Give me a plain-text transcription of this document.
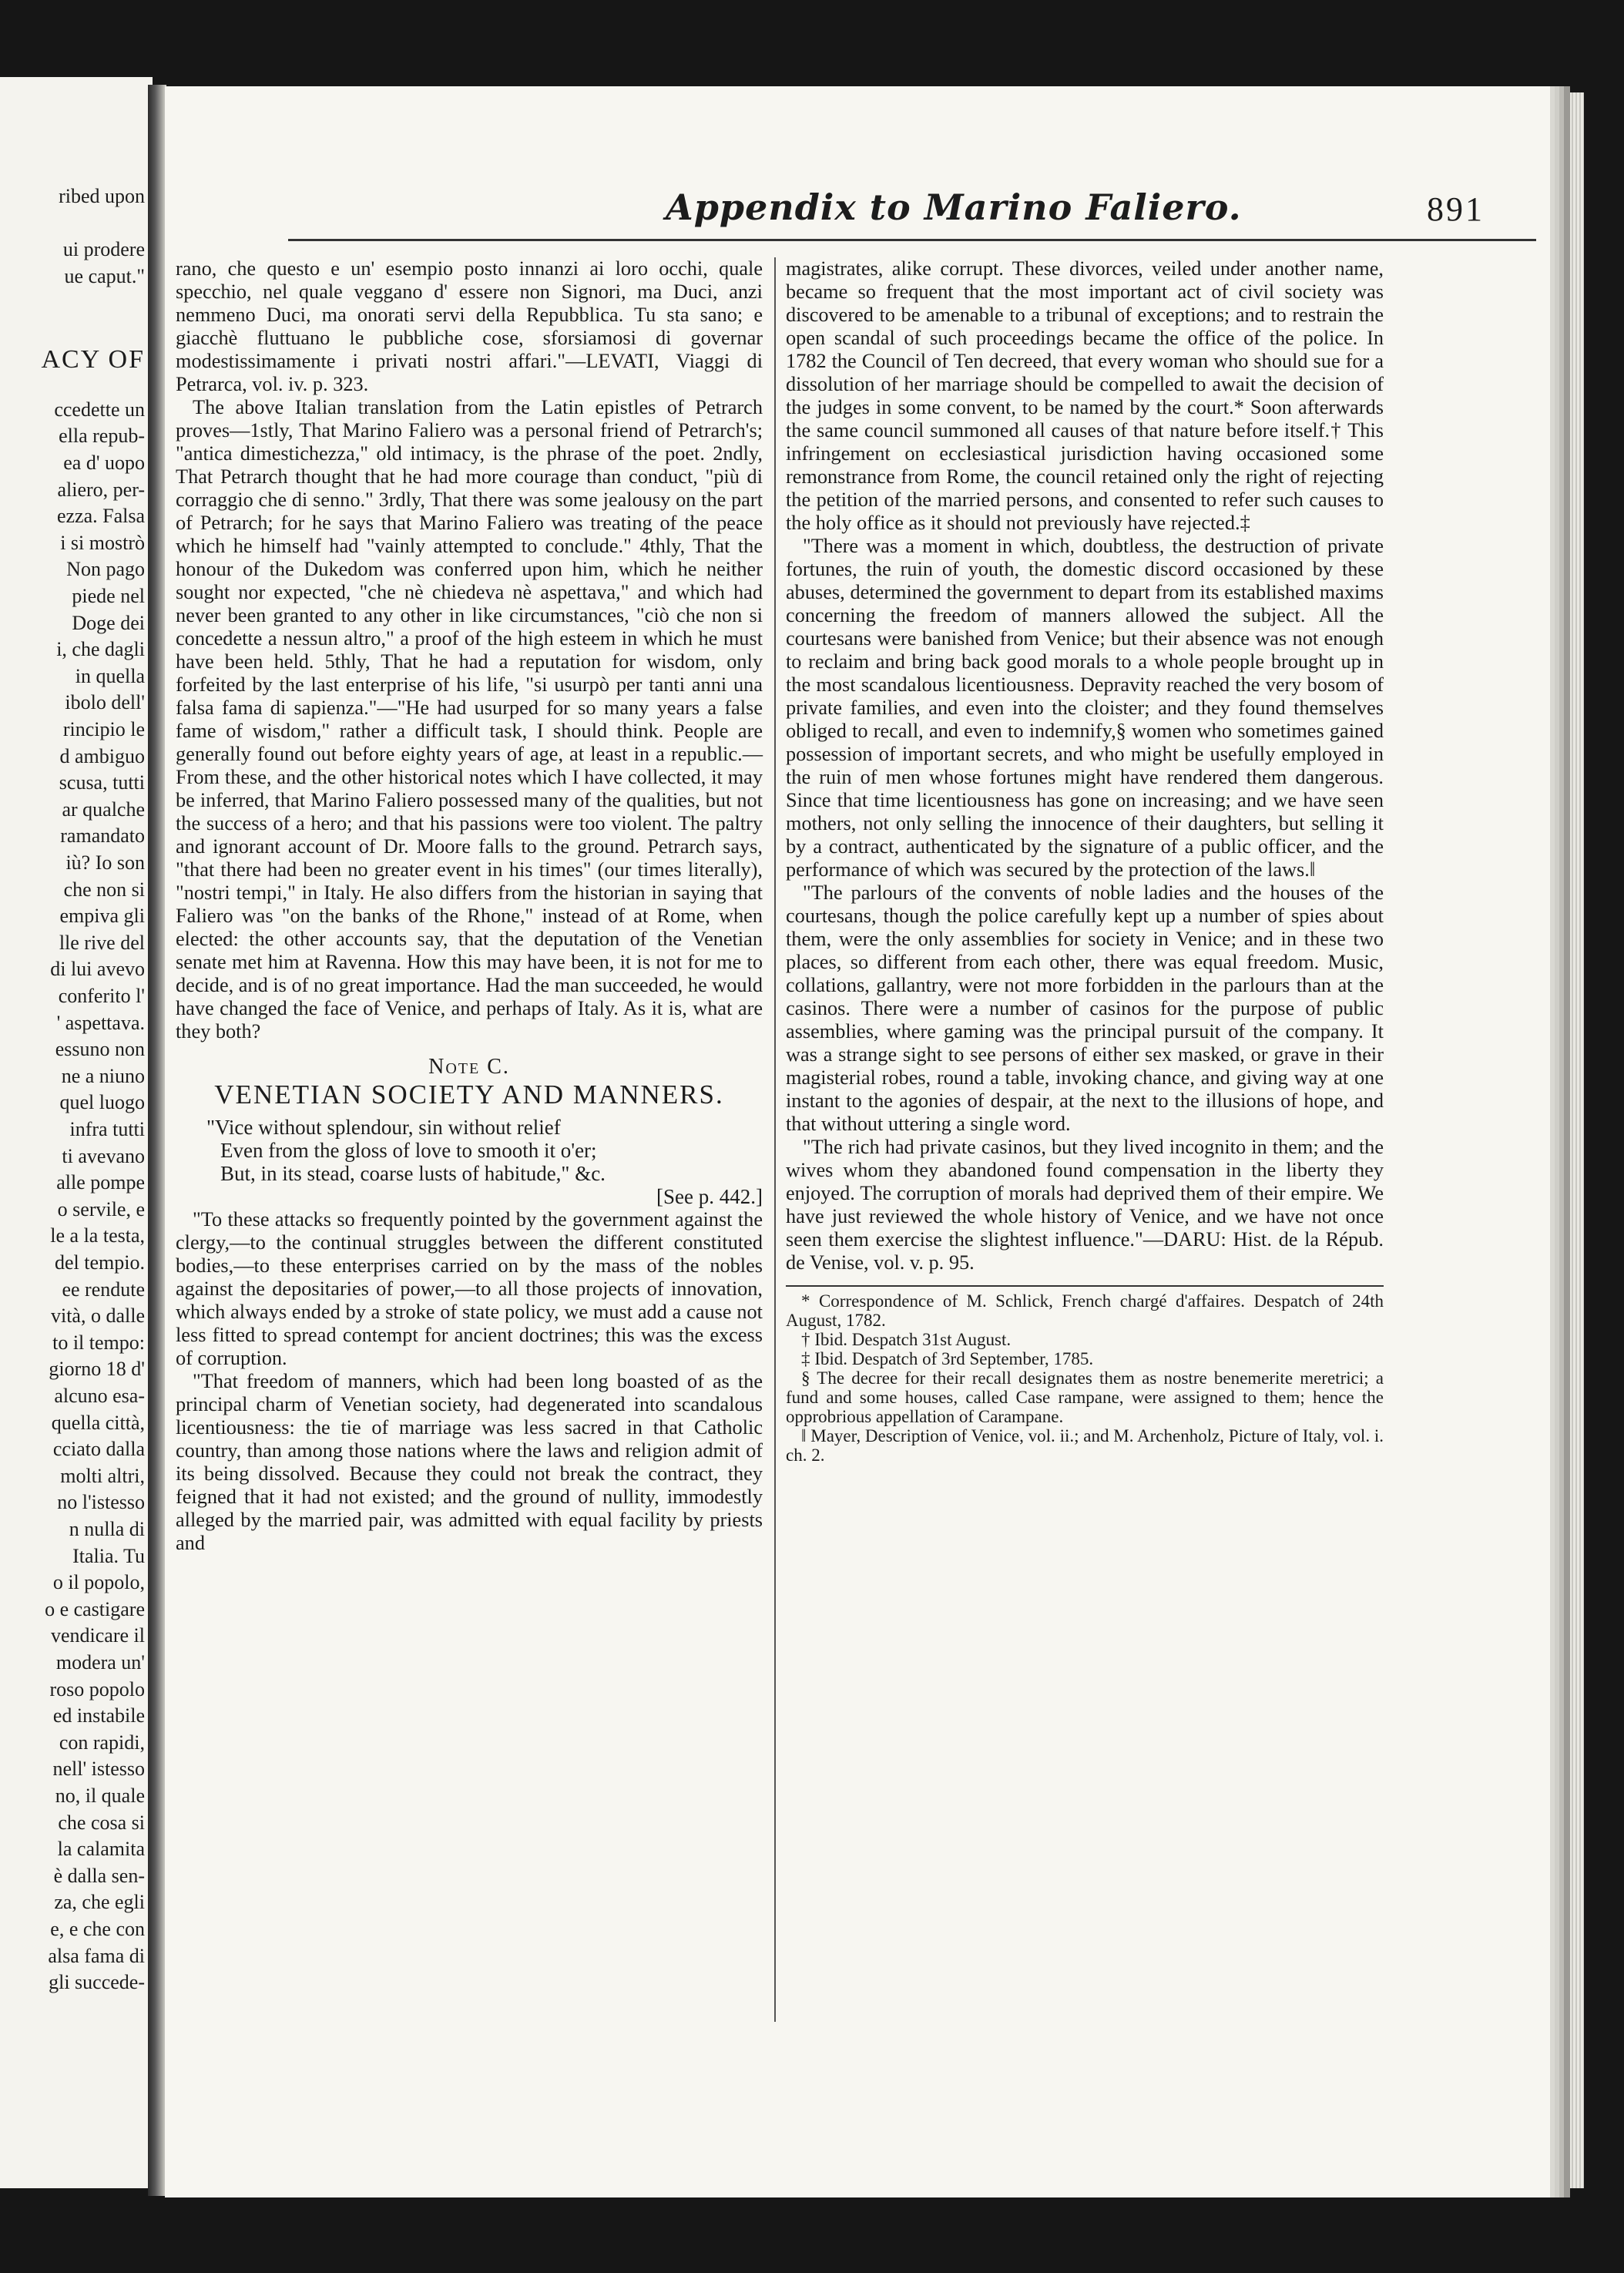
ribed upon
ui prodere
ue caput."
ACY OF
ccedette un
ella repub-
ea d' uopo
aliero, per-
ezza. Falsa
i si mostrò
Non pago
piede nel
Doge dei
i, che dagli
in quella
ibolo dell'
rincipio le
d ambiguo
scusa, tutti
ar qualche
ramandato
iù? Io son
che non si
empiva gli
lle rive del
di lui avevo
conferito l'
' aspettava.
essuno non
ne a niuno
quel luogo
infra tutti
ti avevano
alle pompe
o servile, e
le a la testa,
del tempio.
ee rendute
vità, o dalle
to il tempo:
giorno 18 d'
alcuno esa-
quella città,
cciato dalla
molti altri,
no l'istesso
n nulla di
Italia. Tu
o il popolo,
o e castigare
vendicare il
modera un'
roso popolo
ed instabile
con rapidi,
nell' istesso
no, il quale
che cosa si
la calamita
è dalla sen-
za, che egli
e, e che con
alsa fama di
gli succede-
Appendix to Marino Faliero.	891

rano, che questo e un' esempio posto innanzi ai loro occhi, quale specchio, nel quale veggano d' essere non Signori, ma Duci, anzi nemmeno Duci, ma onorati servi della Repubblica. Tu sta sano; e giacchè fluttuano le pubbliche cose, sforsiamosi di governar modestissimamente i privati nostri affari."—LEVATI, Viaggi di Petrarca, vol. iv. p. 323.

The above Italian translation from the Latin epistles of Petrarch proves—1stly, That Marino Faliero was a personal friend of Petrarch's; "antica dimestichezza," old intimacy, is the phrase of the poet. 2ndly, That Petrarch thought that he had more courage than conduct, "più di corraggio che di senno." 3rdly, That there was some jealousy on the part of Petrarch; for he says that Marino Faliero was treating of the peace which he himself had "vainly attempted to conclude." 4thly, That the honour of the Dukedom was conferred upon him, which he neither sought nor expected, "che nè chiedeva nè aspettava," and which had never been granted to any other in like circumstances, "ciò che non si concedette a nessun altro," a proof of the high esteem in which he must have been held. 5thly, That he had a reputation for wisdom, only forfeited by the last enterprise of his life, "si usurpò per tanti anni una falsa fama di sapienza."—"He had usurped for so many years a false fame of wisdom," rather a difficult task, I should think. People are generally found out before eighty years of age, at least in a republic.—From these, and the other historical notes which I have collected, it may be inferred, that Marino Faliero possessed many of the qualities, but not the success of a hero; and that his passions were too violent. The paltry and ignorant account of Dr. Moore falls to the ground. Petrarch says, "that there had been no greater event in his times" (our times literally), "nostri tempi," in Italy. He also differs from the historian in saying that Faliero was "on the banks of the Rhone," instead of at Rome, when elected: the other accounts say, that the deputation of the Venetian senate met him at Ravenna. How this may have been, it is not for me to decide, and is of no great importance. Had the man succeeded, he would have changed the face of Venice, and perhaps of Italy. As it is, what are they both?

Note C.
VENETIAN SOCIETY AND MANNERS.
"Vice without splendour, sin without relief
Even from the gloss of love to smooth it o'er;
But, in its stead, coarse lusts of habitude," &c.
[See p. 442.]

"To these attacks so frequently pointed by the government against the clergy,—to the continual struggles between the different constituted bodies,—to these enterprises carried on by the mass of the nobles against the depositaries of power,—to all those projects of innovation, which always ended by a stroke of state policy, we must add a cause not less fitted to spread contempt for ancient doctrines; this was the excess of corruption.

"That freedom of manners, which had been long boasted of as the principal charm of Venetian society, had degenerated into scandalous licentiousness: the tie of marriage was less sacred in that Catholic country, than among those nations where the laws and religion admit of its being dissolved. Because they could not break the contract, they feigned that it had not existed; and the ground of nullity, immodestly alleged by the married pair, was admitted with equal facility by priests and

magistrates, alike corrupt. These divorces, veiled under another name, became so frequent that the most important act of civil society was discovered to be amenable to a tribunal of exceptions; and to restrain the open scandal of such proceedings became the office of the police. In 1782 the Council of Ten decreed, that every woman who should sue for a dissolution of her marriage should be compelled to await the decision of the judges in some convent, to be named by the court.* Soon afterwards the same council summoned all causes of that nature before itself.† This infringement on ecclesiastical jurisdiction having occasioned some remonstrance from Rome, the council retained only the right of rejecting the petition of the married persons, and consented to refer such causes to the holy office as it should not previously have rejected.‡

"There was a moment in which, doubtless, the destruction of private fortunes, the ruin of youth, the domestic discord occasioned by these abuses, determined the government to depart from its established maxims concerning the freedom of manners allowed the subject. All the courtesans were banished from Venice; but their absence was not enough to reclaim and bring back good morals to a whole people brought up in the most scandalous licentiousness. Depravity reached the very bosom of private families, and even into the cloister; and they found themselves obliged to recall, and even to indemnify,§ women who sometimes gained possession of important secrets, and who might be usefully employed in the ruin of men whose fortunes might have rendered them dangerous. Since that time licentiousness has gone on increasing; and we have seen mothers, not only selling the innocence of their daughters, but selling it by a contract, authenticated by the signature of a public officer, and the performance of which was secured by the protection of the laws.‖

"The parlours of the convents of noble ladies and the houses of the courtesans, though the police carefully kept up a number of spies about them, were the only assemblies for society in Venice; and in these two places, so different from each other, there was equal freedom. Music, collations, gallantry, were not more forbidden in the parlours than at the casinos. There were a number of casinos for the purpose of public assemblies, where gaming was the principal pursuit of the company. It was a strange sight to see persons of either sex masked, or grave in their magisterial robes, round a table, invoking chance, and giving way at one instant to the agonies of despair, at the next to the illusions of hope, and that without uttering a single word.

"The rich had private casinos, but they lived incognito in them; and the wives whom they abandoned found compensation in the liberty they enjoyed. The corruption of morals had deprived them of their empire. We have just reviewed the whole history of Venice, and we have not once seen them exercise the slightest influence."—DARU: Hist. de la Répub. de Venise, vol. v. p. 95.

* Correspondence of M. Schlick, French chargé d'affaires. Despatch of 24th August, 1782.
† Ibid. Despatch 31st August.
‡ Ibid. Despatch of 3rd September, 1785.
§ The decree for their recall designates them as nostre benemerite meretrici; a fund and some houses, called Case rampane, were assigned to them; hence the opprobrious appellation of Carampane.
‖ Mayer, Description of Venice, vol. ii.; and M. Archenholz, Picture of Italy, vol. i. ch. 2.
